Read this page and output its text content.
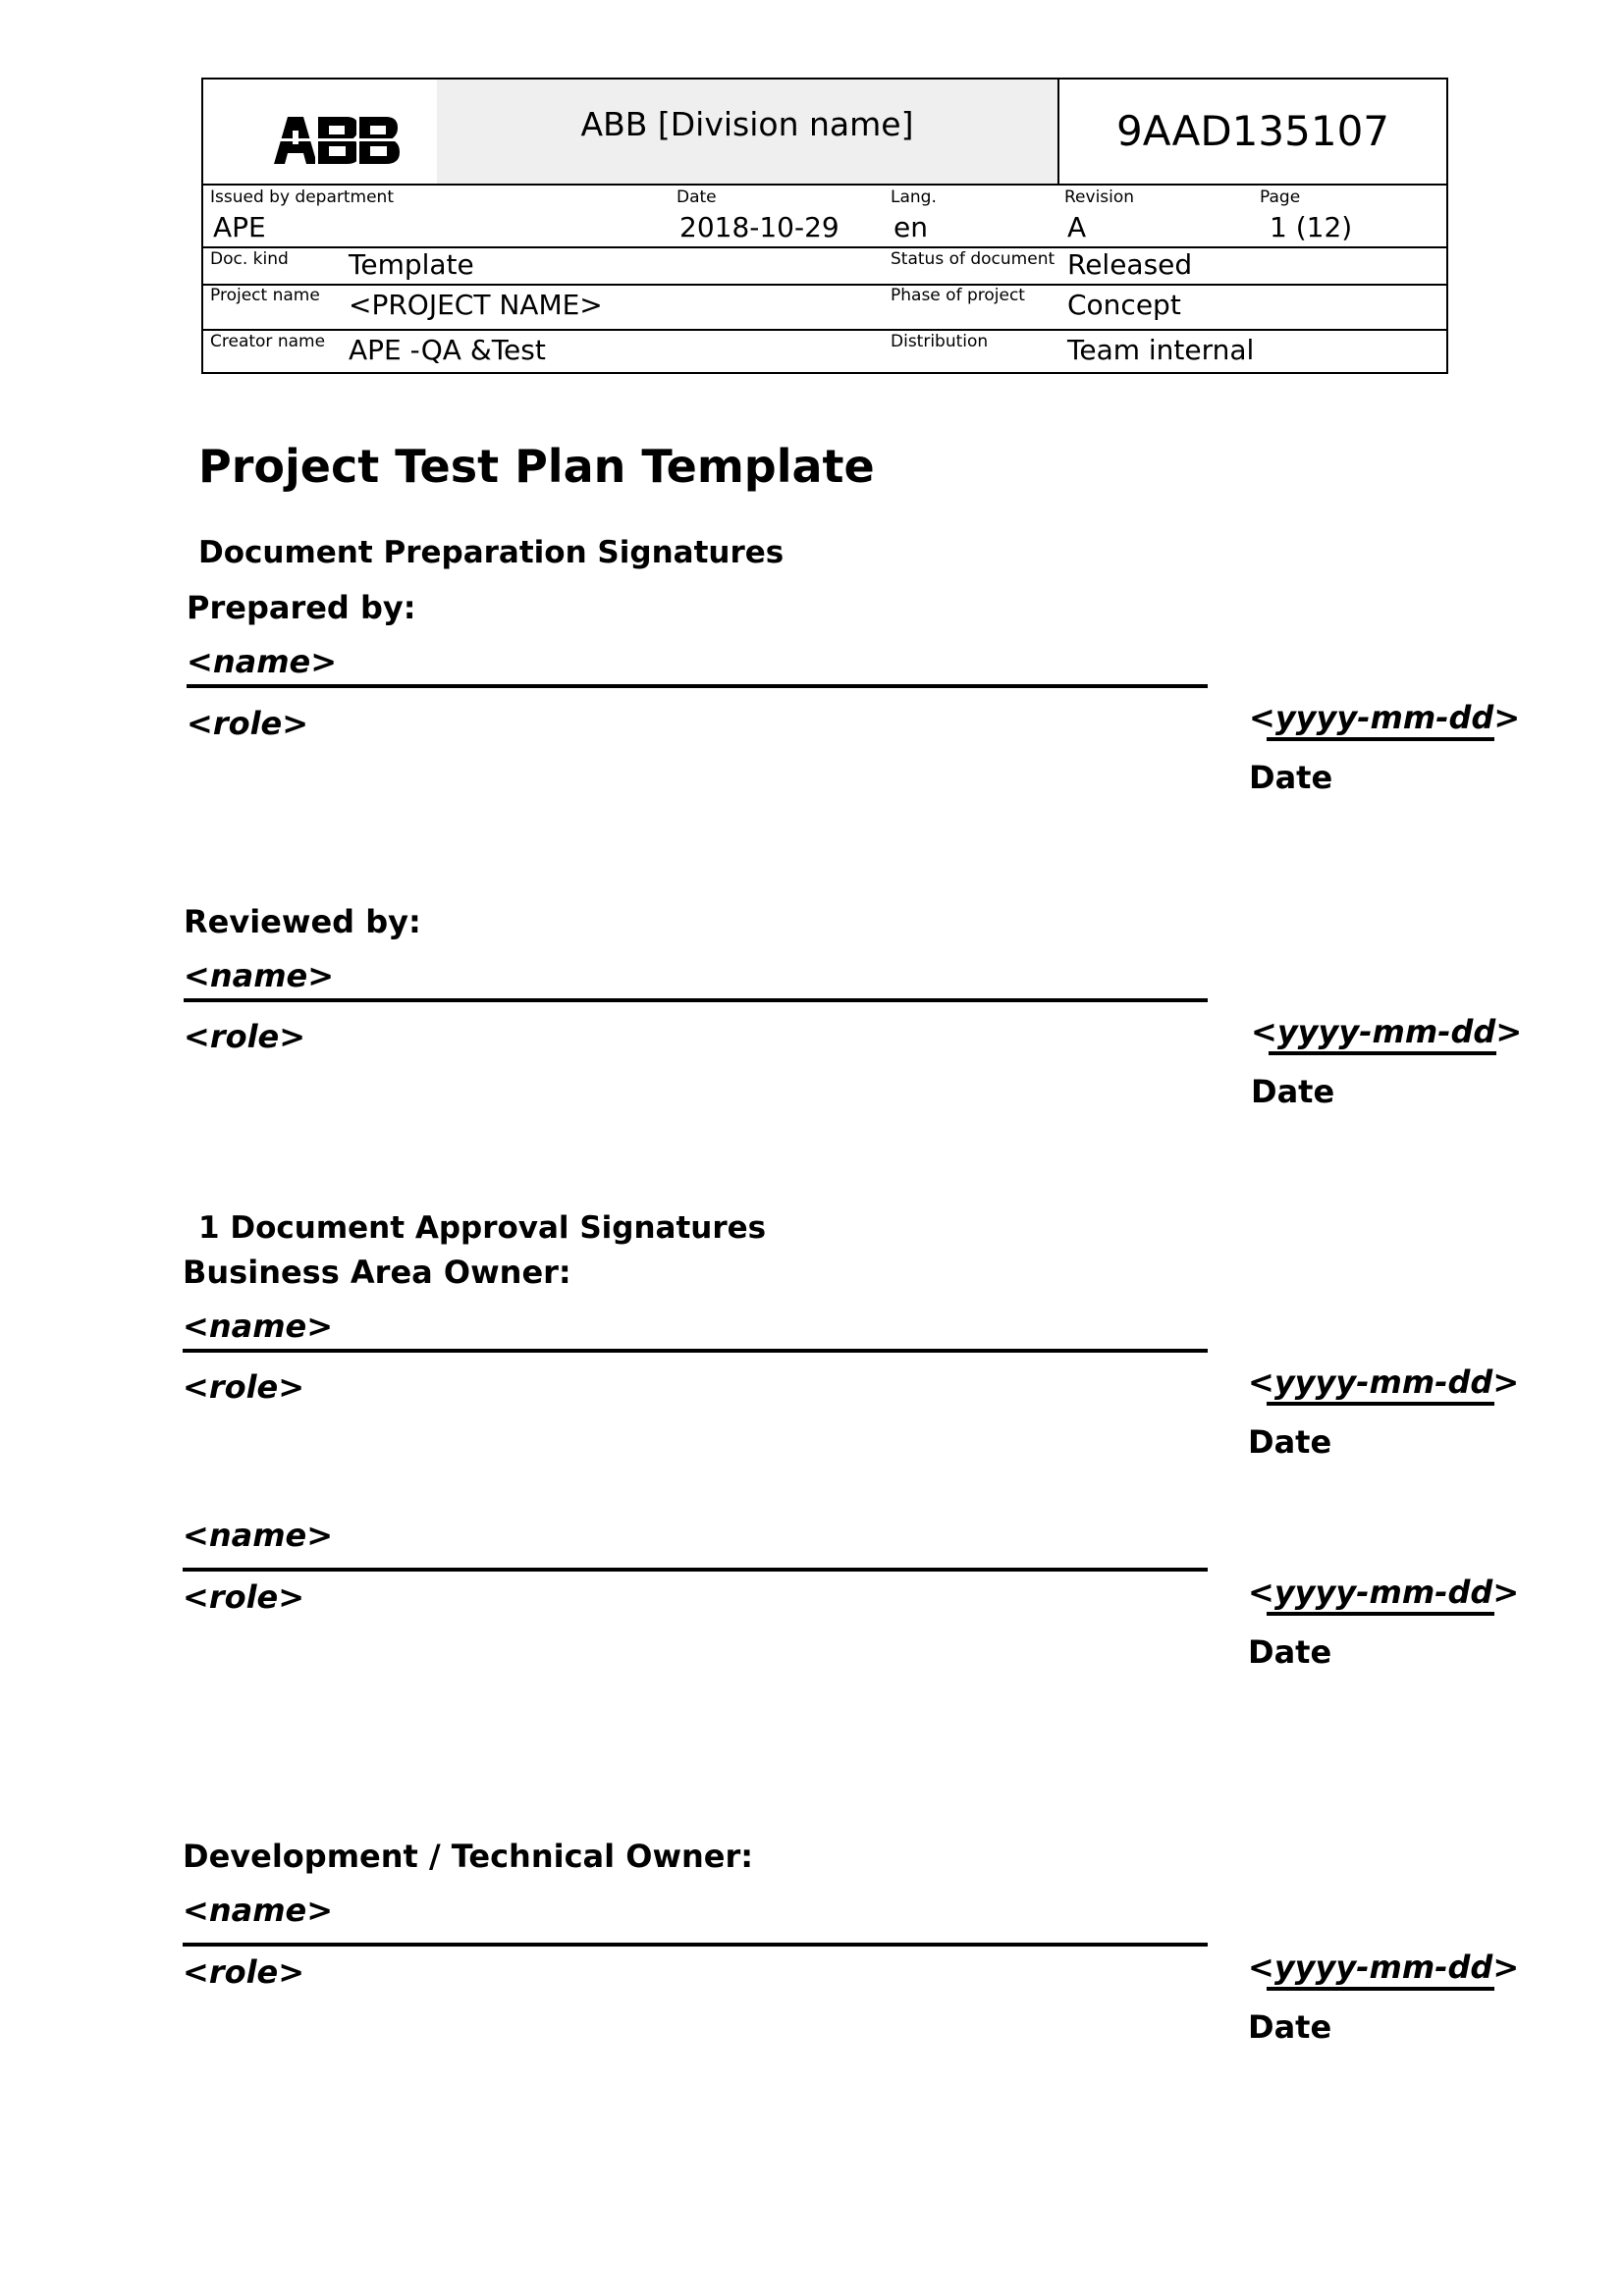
ABB [Division name]	9AAD135107
Issued by department	Date	Lang.	Revision	Page
APE	2018-10-29 en	A	1 (12)
Doc. kind Template	Status of document Released
Project name <PROJECT NAME>	Phase of project Concept
Creator name APE -QA &Test	Distribution	Team internal
Project Test Plan Template
Document Preparation Signatures
Prepared by:
<name>
<role>	<yyyy-mm-dd>
Date
Reviewed by:
<name>
<role>	<yyyy-mm-dd>
Date
1 Document Approval Signatures
Business Area Owner:
<name>
<role>	<yyyy-mm-dd>
Date
<name>
<role>	<yyyy-mm-dd>
Date
Development / Technical Owner:
<name>
<role>	<yyyy-mm-dd>
Date
